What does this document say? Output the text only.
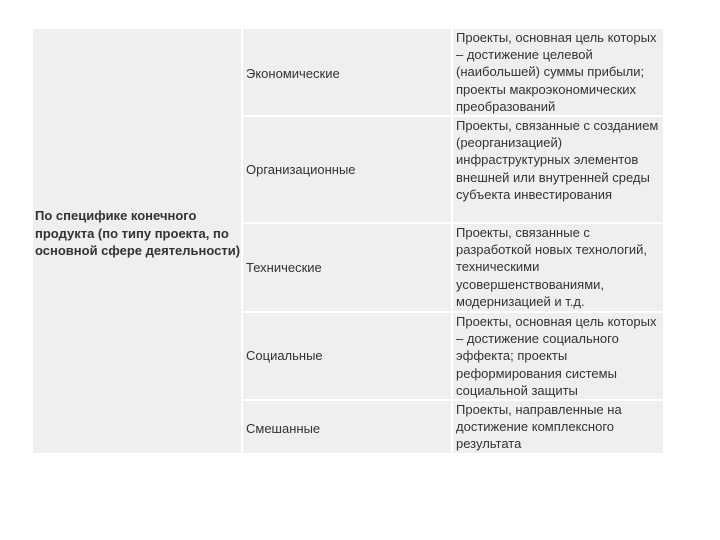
По специфике конечного продукта (по типу проекта, по основной сфере деятельности)
Экономические
Проекты, основная цель которых – достижение целевой (наибольшей) суммы прибыли; проекты макроэкономических преобразований
Организационные
Проекты, связанные с созданием (реорганизацией) инфраструктурных элементов внешней или внутренней среды субъекта инвестирования
Технические
Проекты, связанные с разработкой новых технологий, техническими усовершенствованиями, модернизацией и т.д.
Социальные
Проекты, основная цель которых – достижение социального эффекта; проекты реформирования системы социальной защиты
Смешанные
Проекты, направленные на достижение комплексного результата
